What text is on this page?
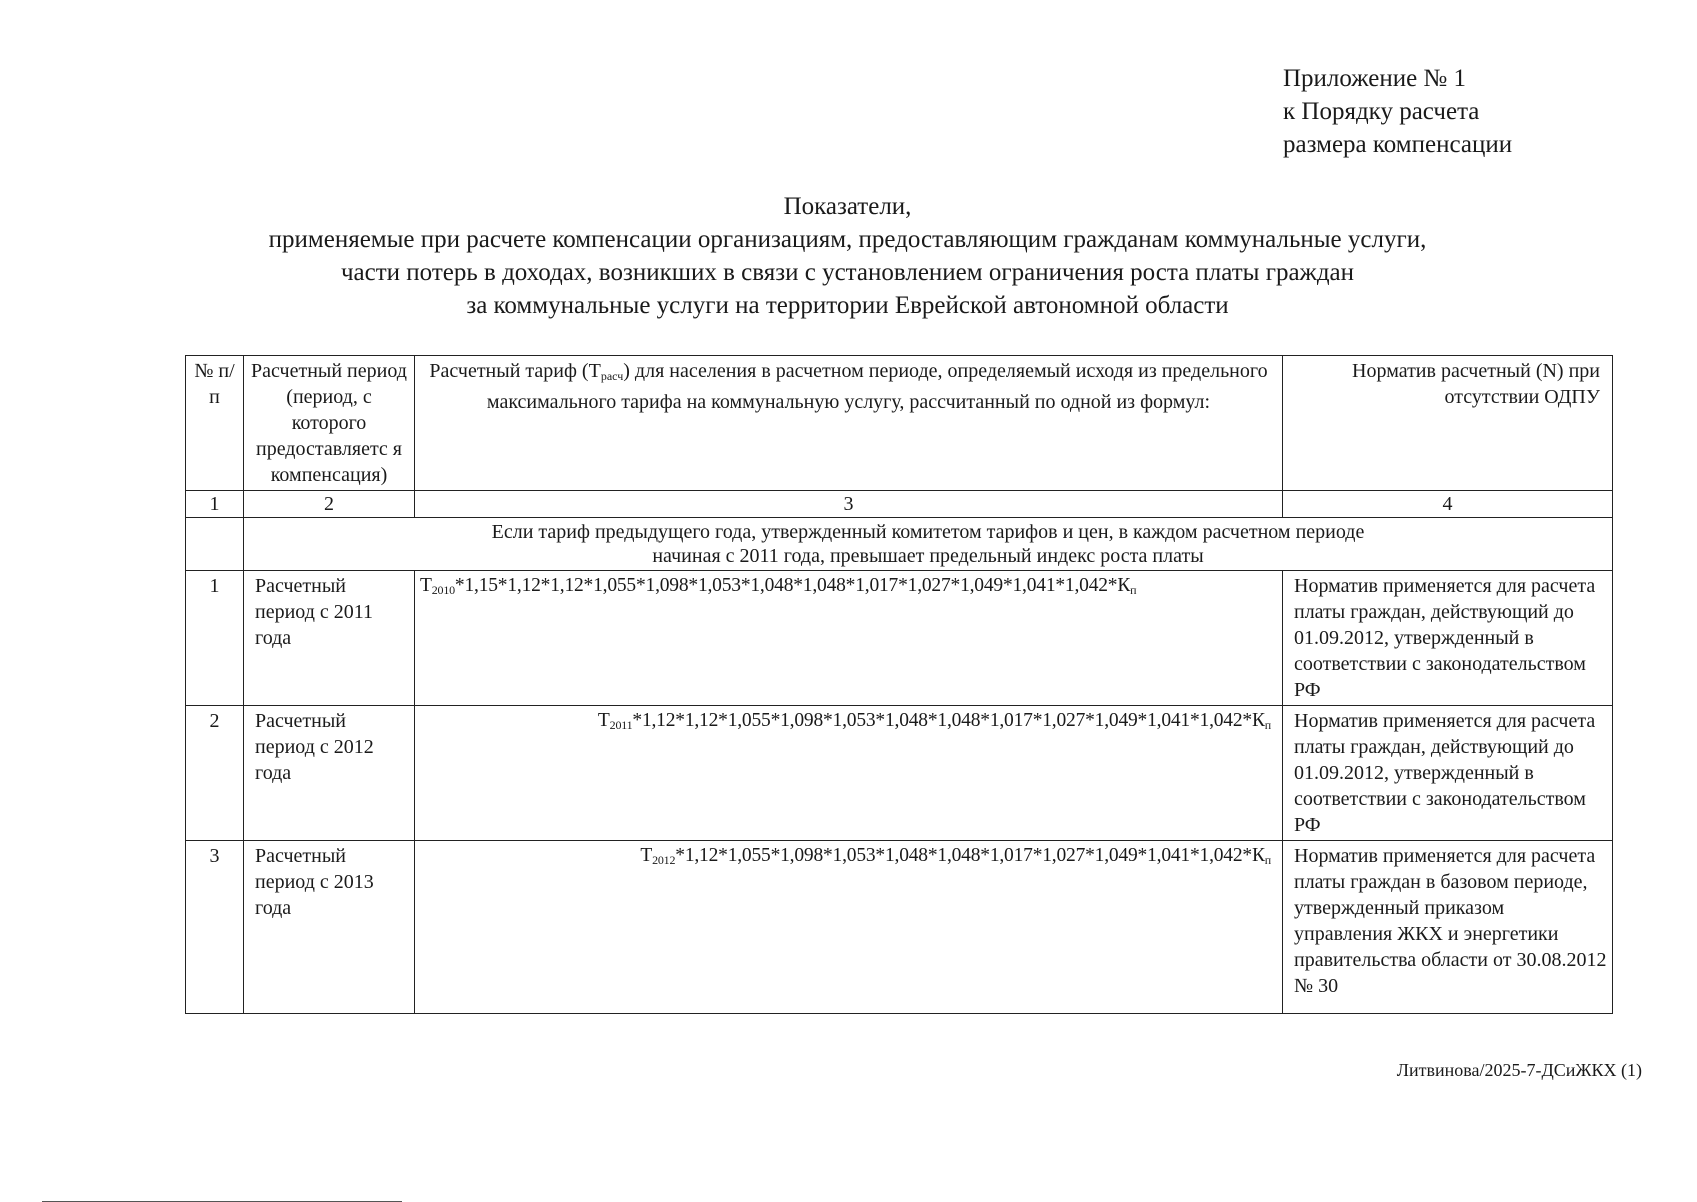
Приложение № 1
к Порядку расчета
размера компенсации
Показатели,
применяемые при расчете компенсации организациям, предоставляющим гражданам коммунальные услуги,
части потерь в доходах, возникших в связи с установлением ограничения роста платы граждан
за коммунальные услуги на территории Еврейской автономной области
№ п/п	Расчетный период (период, с которого предоставляетс я компенсация)	Расчетный тариф $(Т_{расч})$ для населения в расчетном периоде, определяемый исходя из предельного максимального тарифа на коммунальную услугу, рассчитанный по одной из формул:	Норматив расчетный (N) при отсутствии ОДПУ
1	2	3	4

	Если тариф предыдущего года, утвержденный комитетом тарифов и цен, в каждом расчетном периоде
начиная с 2011 года, превышает предельный индекс роста платы		

1	Расчетный период с 2011 года	$Т_{2010}*1,15*1,12*1,12*1,055*1,098*1,053*1,048*1,048*1,017*1,027*1,049*1,041*1,042*К_п$	Норматив применяется для расчета платы граждан, действующий до 01.09.2012, утвержденный в соответствии с законодательством РФ
2	Расчетный период с 2012 года	$Т_{2011}*1,12*1,12*1,055*1,098*1,053*1,048*1,048*1,017*1,027*1,049*1,041*1,042*К_п$	Норматив применяется для расчета платы граждан, действующий до 01.09.2012, утвержденный в соответствии с законодательством РФ
3	Расчетный период с 2013 года	$Т_{2012}*1,12*1,055*1,098*1,053*1,048*1,048*1,017*1,027*1,049*1,041*1,042*К_п$	Норматив применяется для расчета платы граждан в базовом периоде, утвержденный приказом управления ЖКХ и энергетики правительства области от 30.08.2012 № 30
Литвинова/2025-7-ДСиЖКХ (1)
